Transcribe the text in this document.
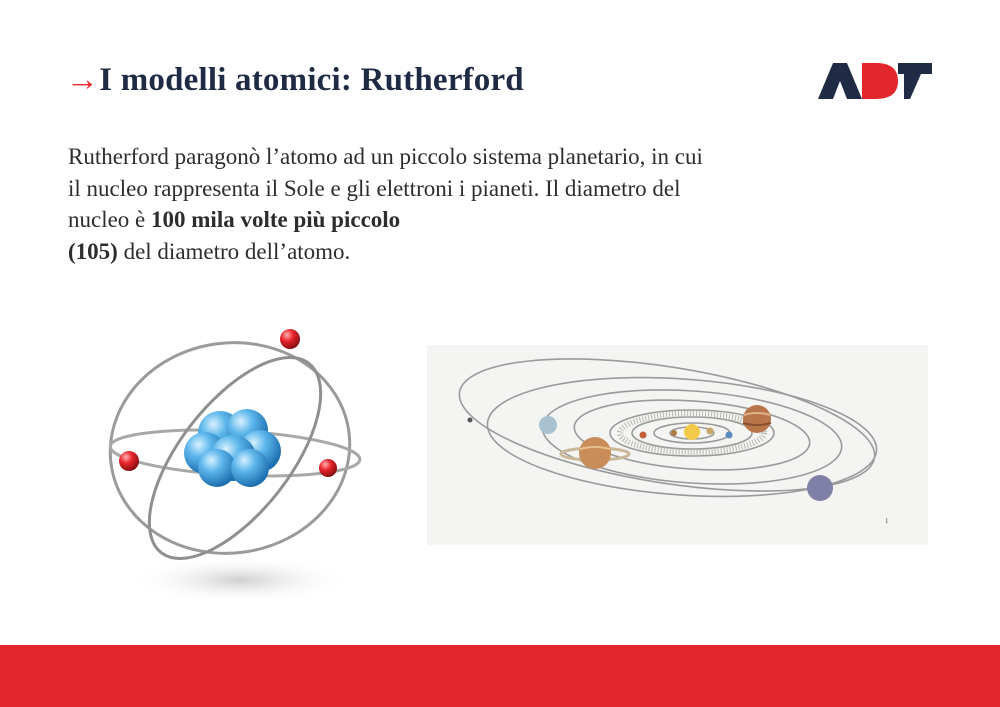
→I modelli atomici: Rutherford
Rutherford paragonò l’atomo ad un piccolo sistema planetario, in cui
il nucleo rappresenta il Sole e gli elettroni i pianeti. Il diametro del
nucleo è 100 mila volte più piccolo
(105) del diametro dell’atomo.
1
